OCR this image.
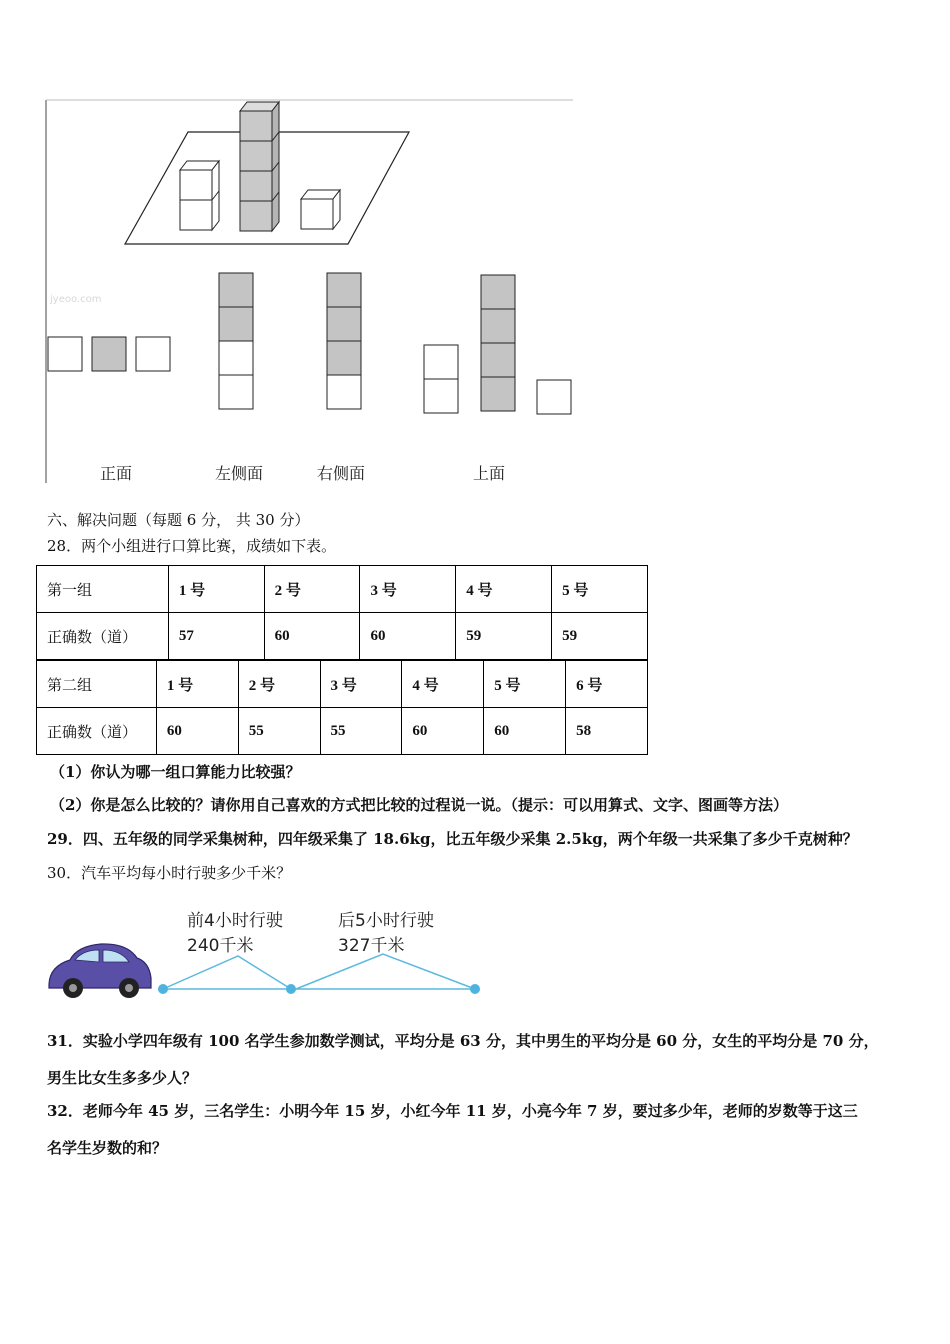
jyeoo.com
正面	左侧面	右侧面	上面
六、解决问题（每题 6 分， 共 30 分）
28．两个小组进行口算比赛，成绩如下表。
第一组	1 号	2 号	3 号	4 号	5 号
正确数（道）	57	60	60	59	59
第二组	1 号	2 号	3 号	4 号	5 号	6 号
正确数（道）	60	55	55	60	60	58
（1）你认为哪一组口算能力比较强？
（2）你是怎么比较的？请你用自己喜欢的方式把比较的过程说一说。（提示：可以用算式、文字、图画等方法）
29．四、五年级的同学采集树种，四年级采集了 18.6kg，比五年级少采集 2.5kg，两个年级一共采集了多少千克树种？
30．汽车平均每小时行驶多少千米？
前4小时行驶
240千米
后5小时行驶
327千米
31．实验小学四年级有 100 名学生参加数学测试，平均分是 63 分，其中男生的平均分是 60 分，女生的平均分是 70 分，
男生比女生多多少人？
32．老师今年 45 岁，三名学生：小明今年 15 岁，小红今年 11 岁，小亮今年 7 岁，要过多少年，老师的岁数等于这三
名学生岁数的和？
